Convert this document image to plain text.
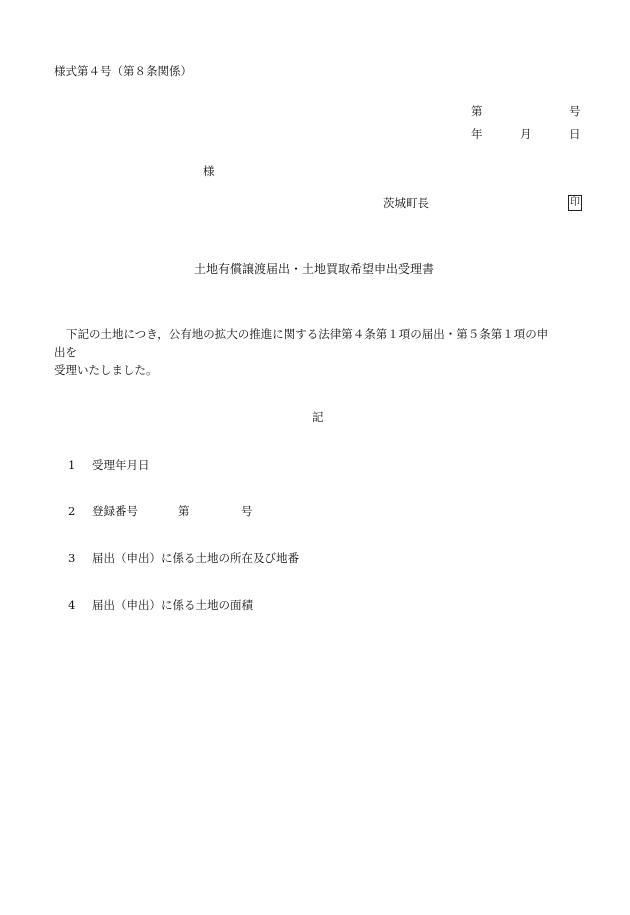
様式第４号（第８条関係）
第	号
年	月	日
様
茨城町長	印
土地有償譲渡届出・土地買取希望申出受理書
下記の土地につき，公有地の拡大の推進に関する法律第４条第１項の届出・第５条第１項の申
出を
受理いたしました。
記
1 受理年月日
2 登録番号	第	号
3 届出（申出）に係る土地の所在及び地番
4 届出（申出）に係る土地の面積
